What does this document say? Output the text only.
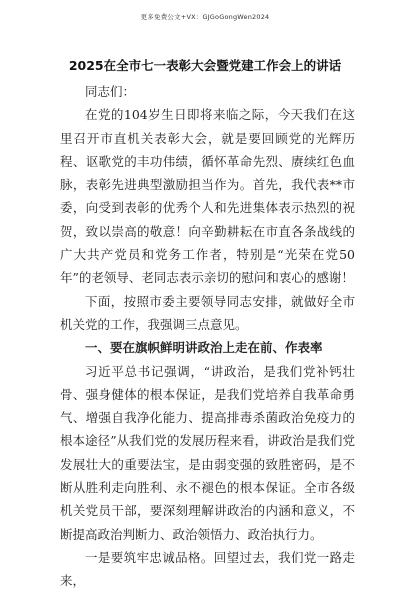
更多免费公文+VX：GJGoGongWen2024
2025在全市七一表彰大会暨党建工作会上的讲话

同志们：

在党的104岁生日即将来临之际，今天我们在这里召开市直机关表彰大会，就是要回顾党的光辉历程、讴歌党的丰功伟绩，循怀革命先烈、赓续红色血脉，表彰先进典型激励担当作为。首先，我代表**市委，向受到表彰的优秀个人和先进集体表示热烈的祝贺，致以崇高的敬意！向辛勤耕耘在市直各条战线的广大共产党员和党务工作者，特别是“光荣在党50年”的老领导、老同志表示亲切的慰问和衷心的感谢！

下面，按照市委主要领导同志安排，就做好全市机关党的工作，我强调三点意见。

一、要在旗帜鲜明讲政治上走在前、作表率

习近平总书记强调，“讲政治，是我们党补钙壮骨、强身健体的根本保证，是我们党培养自我革命勇气、增强自我净化能力、提高排毒杀菌政治免疫力的根本途径”从我们党的发展历程来看，讲政治是我们党发展壮大的重要法宝，是由弱变强的致胜密码，是不断从胜利走向胜利、永不褪色的根本保证。全市各级机关党员干部，要深刻理解讲政治的内涵和意义，不断提高政治判断力、政治领悟力、政治执行力。

一是要筑牢忠诚品格。回望过去，我们党一路走来，
